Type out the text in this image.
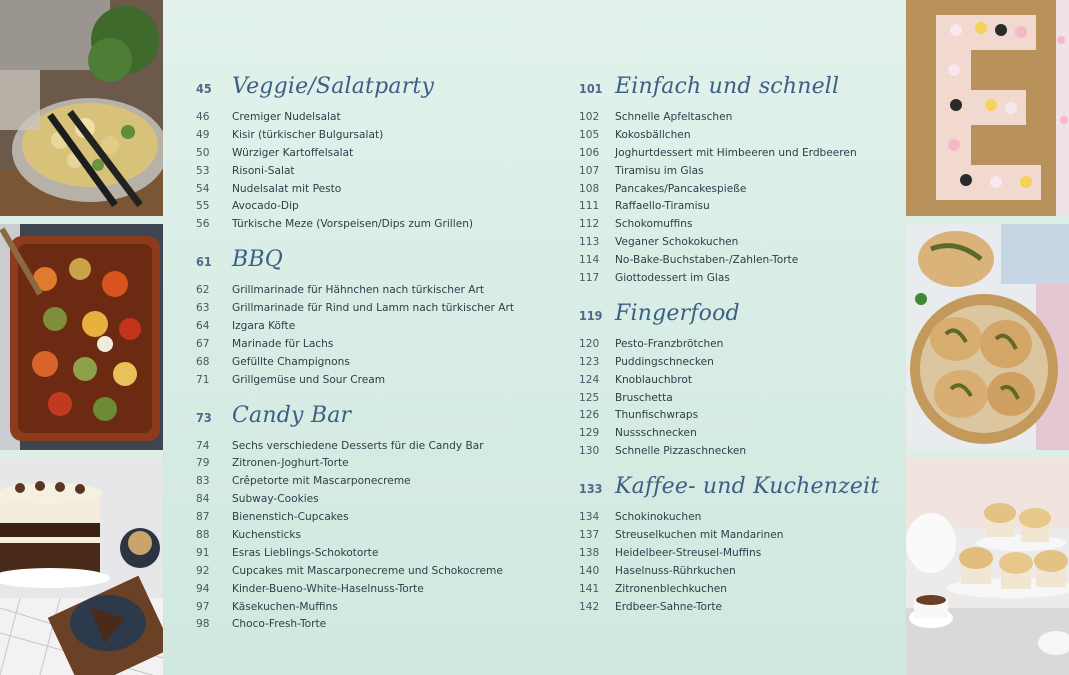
45 Veggie/Salatparty
46	Cremiger Nudelsalat
49	Kisir (türkischer Bulgursalat)
50	Würziger Kartoffelsalat
53	Risoni-Salat
54	Nudelsalat mit Pesto
55	Avocado-Dip
56	Türkische Meze (Vorspeisen/Dips zum Grillen)
61 BBQ
62	Grillmarinade für Hähnchen nach türkischer Art
63	Grillmarinade für Rind und Lamm nach türkischer Art
64	Izgara Köfte
67	Marinade für Lachs
68	Gefüllte Champignons
71	Grillgemüse und Sour Cream
73 Candy Bar
74	Sechs verschiedene Desserts für die Candy Bar
79	Zitronen-Joghurt-Torte
83	Crêpetorte mit Mascarponecreme
84	Subway-Cookies
87	Bienenstich-Cupcakes
88	Kuchensticks
91	Esras Lieblings-Schokotorte
92	Cupcakes mit Mascarponecreme und Schokocreme
94	Kinder-Bueno-White-Haselnuss-Torte
97	Käsekuchen-Muffins
98	Choco-Fresh-Torte
101 Einfach und schnell
102	Schnelle Apfeltaschen
105	Kokosbällchen
106	Joghurtdessert mit Himbeeren und Erdbeeren
107	Tiramisu im Glas
108	Pancakes/Pancakespieße
111	Raffaello-Tiramisu
112	Schokomuffins
113	Veganer Schokokuchen
114	No-Bake-Buchstaben-/Zahlen-Torte
117	Giottodessert im Glas
119 Fingerfood
120	Pesto-Franzbrötchen
123	Puddingschnecken
124	Knoblauchbrot
125	Bruschetta
126	Thunfischwraps
129	Nussschnecken
130	Schnelle Pizzaschnecken
133 Kaffee- und Kuchenzeit
134	Schokinokuchen
137	Streuselkuchen mit Mandarinen
138	Heidelbeer-Streusel-Muffins
140	Haselnuss-Rührkuchen
141	Zitronenblechkuchen
142	Erdbeer-Sahne-Torte
